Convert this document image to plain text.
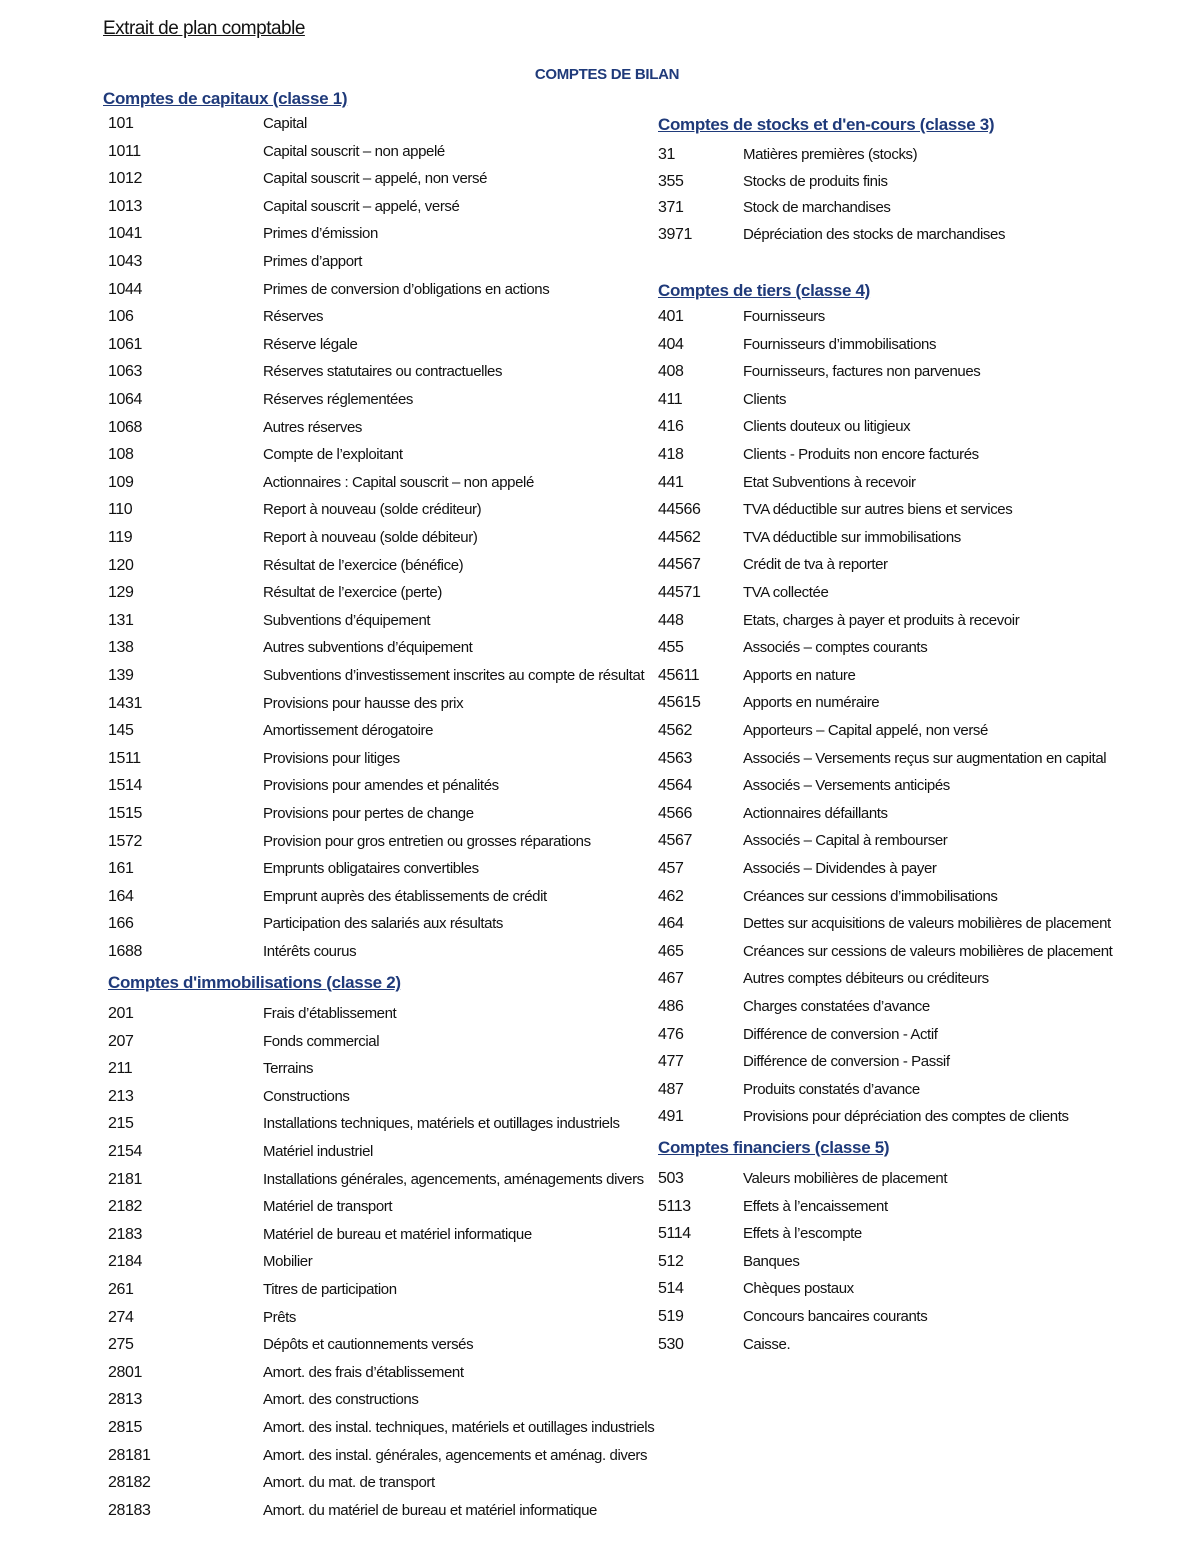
Extrait de plan comptable
COMPTES DE BILAN
Comptes de capitaux (classe 1)
101	Capital
1011	Capital souscrit – non appelé
1012	Capital souscrit – appelé, non versé
1013	Capital souscrit – appelé, versé
1041	Primes d’émission
1043	Primes d’apport
1044	Primes de conversion d’obligations en actions
106	Réserves
1061	Réserve légale
1063	Réserves statutaires ou contractuelles
1064	Réserves réglementées
1068	Autres réserves
108	Compte de l’exploitant
109	Actionnaires : Capital souscrit – non appelé
110	Report à nouveau (solde créditeur)
119	Report à nouveau (solde débiteur)
120	Résultat de l’exercice (bénéfice)
129	Résultat de l’exercice (perte)
131	Subventions d’équipement
138	Autres subventions d’équipement
139	Subventions d’investissement inscrites au compte de résultat
1431	Provisions pour hausse des prix
145	Amortissement dérogatoire
1511	Provisions pour litiges
1514	Provisions pour amendes et pénalités
1515	Provisions pour pertes de change
1572	Provision pour gros entretien ou grosses réparations
161	Emprunts obligataires convertibles
164	Emprunt auprès des établissements de crédit
166	Participation des salariés aux résultats
1688	Intérêts courus
Comptes d'immobilisations (classe 2)
201	Frais d’établissement
207	Fonds commercial
211	Terrains
213	Constructions
215	Installations techniques, matériels et outillages industriels
2154	Matériel industriel
2181	Installations générales, agencements, aménagements divers
2182	Matériel de transport
2183	Matériel de bureau et matériel informatique
2184	Mobilier
261	Titres de participation
274	Prêts
275	Dépôts et cautionnements versés
2801	Amort. des frais d’établissement
2813	Amort. des constructions
2815	Amort. des instal. techniques, matériels et outillages industriels
28181	Amort. des instal. générales, agencements et aménag. divers
28182	Amort. du mat. de transport
28183	Amort. du matériel de bureau et matériel informatique
Comptes de stocks et d'en-cours (classe 3)
31	Matières premières (stocks)
355	Stocks de produits finis
371	Stock de marchandises
3971	Dépréciation des stocks de marchandises
Comptes de tiers (classe 4)
401	Fournisseurs
404	Fournisseurs d’immobilisations
408	Fournisseurs, factures non parvenues
411	Clients
416	Clients douteux ou litigieux
418	Clients - Produits non encore facturés
441	Etat Subventions à recevoir
44566	TVA déductible sur autres biens et services
44562	TVA déductible sur immobilisations
44567	Crédit de tva à reporter
44571	TVA collectée
448	Etats, charges à payer et produits à recevoir
455	Associés – comptes courants
45611	Apports en nature
45615	Apports en numéraire
4562	Apporteurs – Capital appelé, non versé
4563	Associés – Versements reçus sur augmentation en capital
4564	Associés – Versements anticipés
4566	Actionnaires défaillants
4567	Associés – Capital à rembourser
457	Associés – Dividendes à payer
462	Créances sur cessions d’immobilisations
464	Dettes sur acquisitions de valeurs mobilières de placement
465	Créances sur cessions de valeurs mobilières de placement
467	Autres comptes débiteurs ou créditeurs
486	Charges constatées d’avance
476	Différence de conversion - Actif
477	Différence de conversion - Passif
487	Produits constatés d’avance
491	Provisions pour dépréciation des comptes de clients
Comptes financiers (classe 5)
503	Valeurs mobilières de placement
5113	Effets à l’encaissement
5114	Effets à l’escompte
512	Banques
514	Chèques postaux
519	Concours bancaires courants
530	Caisse.
